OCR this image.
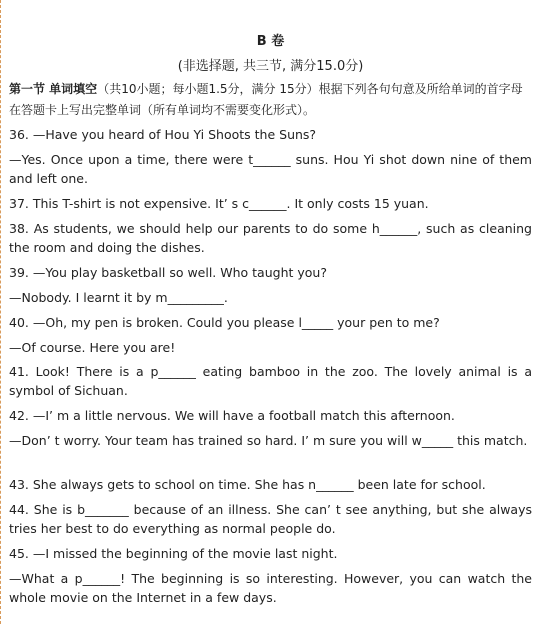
B 卷
(非选择题, 共三节, 满分15.0分)
第一节 单词填空（共10小题；每小题1.5分，满分 15分）根据下列各句句意及所给单词的首字母在答题卡上写出完整单词（所有单词均不需要变化形式）。
36. —Have you heard of Hou Yi Shoots the Suns?
—Yes. Once upon a time, there were t______ suns. Hou Yi shot down nine of them and left one.
37. This T-shirt is not expensive. It’ s c______. It only costs 15 yuan.
38. As students, we should help our parents to do some h______, such as cleaning the room and doing the dishes.
39. —You play basketball so well. Who taught you?
—Nobody. I learnt it by m_________.
40. —Oh, my pen is broken. Could you please l_____ your pen to me?
—Of course. Here you are!
41. Look! There is a p______ eating bamboo in the zoo. The lovely animal is a symbol of Sichuan.
42. —I’ m a little nervous. We will have a football match this afternoon.
—Don’ t worry. Your team has trained so hard. I’ m sure you will w_____ this match.
43. She always gets to school on time. She has n______ been late for school.
44. She is b_______ because of an illness. She can’ t see anything, but she always tries her best to do everything as normal people do.
45. —I missed the beginning of the movie last night.
—What a p______! The beginning is so interesting. However, you can watch the whole movie on the Internet in a few days.
